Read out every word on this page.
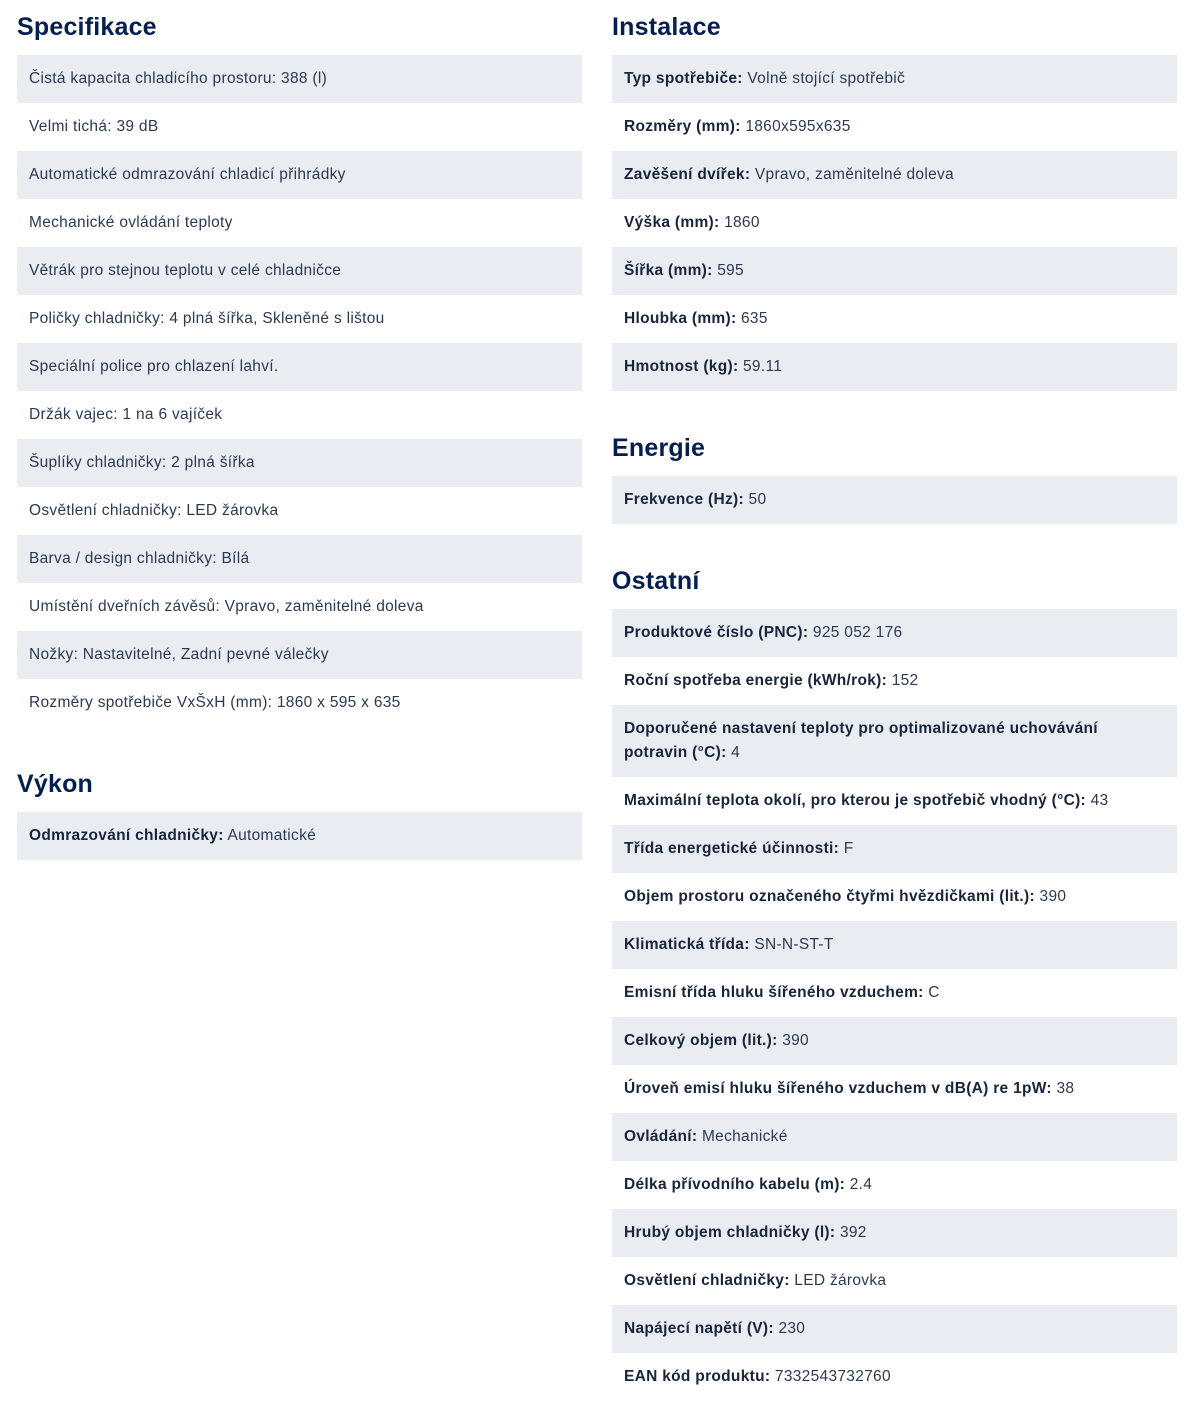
Specifikace
Čistá kapacita chladicího prostoru: 388 (l)
Velmi tichá: 39 dB
Automatické odmrazování chladicí přihrádky
Mechanické ovládání teploty
Větrák pro stejnou teplotu v celé chladničce
Poličky chladničky: 4 plná šířka, Skleněné s lištou
Speciální police pro chlazení lahví.
Držák vajec: 1 na 6 vajíček
Šuplíky chladničky: 2 plná šířka
Osvětlení chladničky: LED žárovka
Barva / design chladničky: Bílá
Umístění dveřních závěsů: Vpravo, zaměnitelné doleva
Nožky: Nastavitelné, Zadní pevné válečky
Rozměry spotřebiče VxŠxH (mm): 1860 x 595 x 635
Výkon
Odmrazování chladničky: Automatické
Instalace
Typ spotřebiče: Volně stojící spotřebič
Rozměry (mm): 1860x595x635
Zavěšení dvířek: Vpravo, zaměnitelné doleva
Výška (mm): 1860
Šířka (mm): 595
Hloubka (mm): 635
Hmotnost (kg): 59.11
Energie
Frekvence (Hz): 50
Ostatní
Produktové číslo (PNC): 925 052 176
Roční spotřeba energie (kWh/rok): 152
Doporučené nastavení teploty pro optimalizované uchovávání potravin (°C): 4
Maximální teplota okolí, pro kterou je spotřebič vhodný (°C): 43
Třída energetické účinnosti: F
Objem prostoru označeného čtyřmi hvězdičkami (lit.): 390
Klimatická třída: SN-N-ST-T
Emisní třída hluku šířeného vzduchem: C
Celkový objem (lit.): 390
Úroveň emisí hluku šířeného vzduchem v dB(A) re 1pW: 38
Ovládání: Mechanické
Délka přívodního kabelu (m): 2.4
Hrubý objem chladničky (l): 392
Osvětlení chladničky: LED žárovka
Napájecí napětí (V): 230
EAN kód produktu: 7332543732760
